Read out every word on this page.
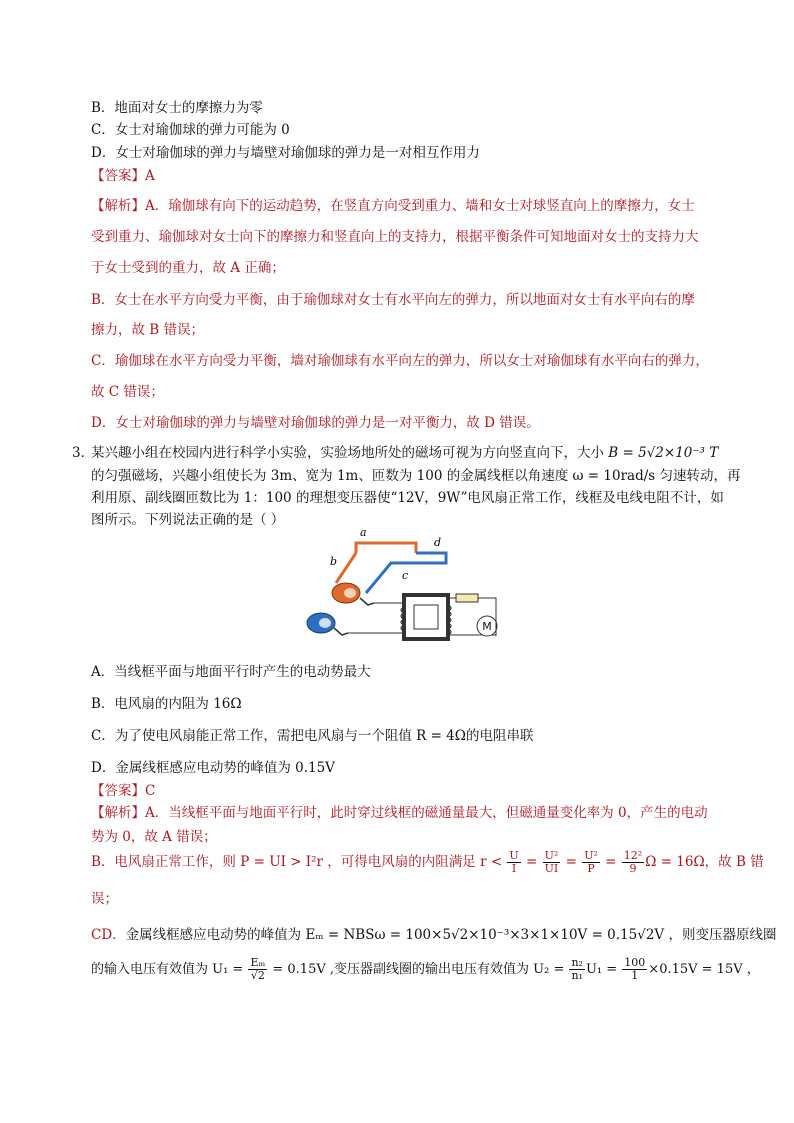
B．地面对女士的摩擦力为零
C．女士对瑜伽球的弹力可能为 0
D．女士对瑜伽球的弹力与墙壁对瑜伽球的弹力是一对相互作用力
【答案】A
【解析】A．瑜伽球有向下的运动趋势，在竖直方向受到重力、墙和女士对球竖直向上的摩擦力，女士
受到重力、瑜伽球对女士向下的摩擦力和竖直向上的支持力，根据平衡条件可知地面对女士的支持力大
于女士受到的重力，故 A 正确；
B．女士在水平方向受力平衡，由于瑜伽球对女士有水平向左的弹力，所以地面对女士有水平向右的摩
擦力，故 B 错误；
C．瑜伽球在水平方向受力平衡，墙对瑜伽球有水平向左的弹力，所以女士对瑜伽球有水平向右的弹力，
故 C 错误；
D．女士对瑜伽球的弹力与墙壁对瑜伽球的弹力是一对平衡力，故 D 错误。
3．
某兴趣小组在校园内进行科学小实验，实验场地所处的磁场可视为方向竖直向下，大小 B = 5√2×10⁻³ T
的匀强磁场，兴趣小组使长为 3m、宽为 1m、匝数为 100 的金属线框以角速度 ω = 10rad/s 匀速转动，再
利用原、副线圈匝数比为 1：100 的理想变压器使“12V，9W”电风扇正常工作，线框及电线电阻不计，如
图所示。下列说法正确的是（ ）
M
a
b
c
d
A．当线框平面与地面平行时产生的电动势最大
B．电风扇的内阻为 16Ω
C．为了使电风扇能正常工作，需把电风扇与一个阻值 R = 4Ω的电阻串联
D．金属线框感应电动势的峰值为 0.15V
【答案】C
【解析】A．当线框平面与地面平行时，此时穿过线框的磁通量最大，但磁通量变化率为 0，产生的电动
势为 0，故 A 错误；
B．电风扇正常工作，则 P = UI > I²r ，可得电风扇的内阻满足 $r < \frac{U}{I} = \frac{\text{U²}}{UI} = \frac{\text{U²}}{P} = \frac{\text{12²}}{9}$ Ω = 16Ω，故 B 错
误；
CD．金属线框感应电动势的峰值为 Eₘ = NBSω = 100×5√2×10⁻³×3×1×10V = 0.15√2V ，则变压器原线圈
的输入电压有效值为 $U_1 = \frac{\text{Eₘ}}{√2} = 0.15V$ ,变压器副线圈的输出电压有效值为 $U_2 = \frac{\text{n₂}}{\text{n₁}} U_1 = \frac{100}{1} \times 0.15V = 15V$ ，
